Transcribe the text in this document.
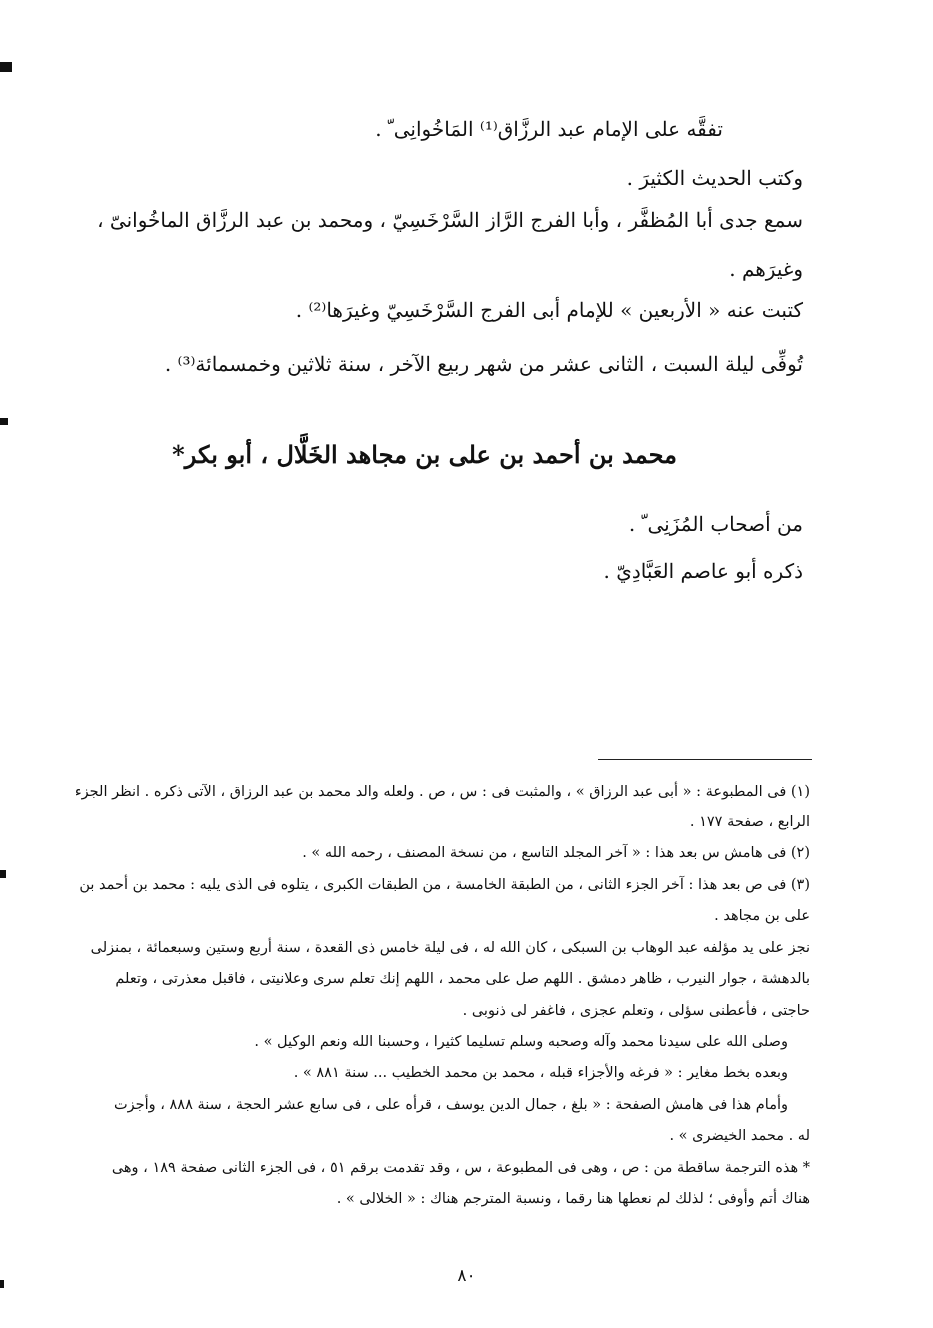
تفقَّه على الإمام عبد الرزَّاق⁽¹⁾ المَاخُوانِى ّ .
وكتب الحديث الكثيرَ .
سمع جدى أبا المُظفَّر ، وأبا الفرج الرَّاز السَّرْخَسِيّ ، ومحمد بن عبد الرزَّاق الماخُوانىّ ،
وغيرَهم .
كتبت عنه « الأربعين » للإمام أبى الفرج السَّرْخَسِيّ وغيرَها⁽²⁾ .
تُوفِّى ليلة السبت ، الثانى عشر من شهر ربيع الآخر ، سنة ثلاثين وخمسمائة⁽³⁾ .
محمد بن أحمد بن على بن مجاهد الخَلَّال ، أبو بكر*
من أصحاب المُزَنِى ّ .
ذكره أبو عاصم العَبَّادِيّ .
(١) فى المطبوعة : « أبى عبد الرزاق » ، والمثبت فى : س ، ص . ولعله والد محمد بن عبد الرزاق ، الآتى ذكره . انظر الجزء
الرابع ، صفحة ١٧٧ .
(٢) فى هامش س بعد هذا : « آخر المجلد التاسع ، من نسخة المصنف ، رحمه الله » .
(٣) فى ص بعد هذا : آخر الجزء الثانى ، من الطبقة الخامسة ، من الطبقات الكبرى ، يتلوه فى الذى يليه : محمد بن أحمد بن
على بن مجاهد .
نجز على يد مؤلفه عبد الوهاب بن السبكى ، كان الله له ، فى ليلة خامس ذى القعدة ، سنة أربع وستين وسبعمائة ، بمنزلى
بالدهشة ، جوار النيرب ، ظاهر دمشق . اللهم صل على محمد ، اللهم إنك تعلم سرى وعلانيتى ، فاقبل معذرتى ، وتعلم
حاجتى ، فأعطنى سؤلى ، وتعلم عجزى ، فاغفر لى ذنوبى .
وصلى الله على سيدنا محمد وآله وصحبه وسلم تسليما كثيرا ، وحسبنا الله ونعم الوكيل » .
وبعده بخط مغاير : « فرغه والأجزاء قبله ، محمد بن محمد الخطيب ... سنة ٨٨١ » .
وأمام هذا فى هامش الصفحة : « بلغ ، جمال الدين يوسف ، قرأه على ، فى سابع عشر الحجة ، سنة ٨٨٨ ، وأجزت
له . محمد الخيضرى » .
* هذه الترجمة ساقطة من : ص ، وهى فى المطبوعة ، س ، وقد تقدمت برقم ٥١ ، فى الجزء الثانى صفحة ١٨٩ ، وهى
هناك أتم وأوفى ؛ لذلك لم نعطها هنا رقما ، ونسبة المترجم هناك : « الخلالى » .
٨٠
